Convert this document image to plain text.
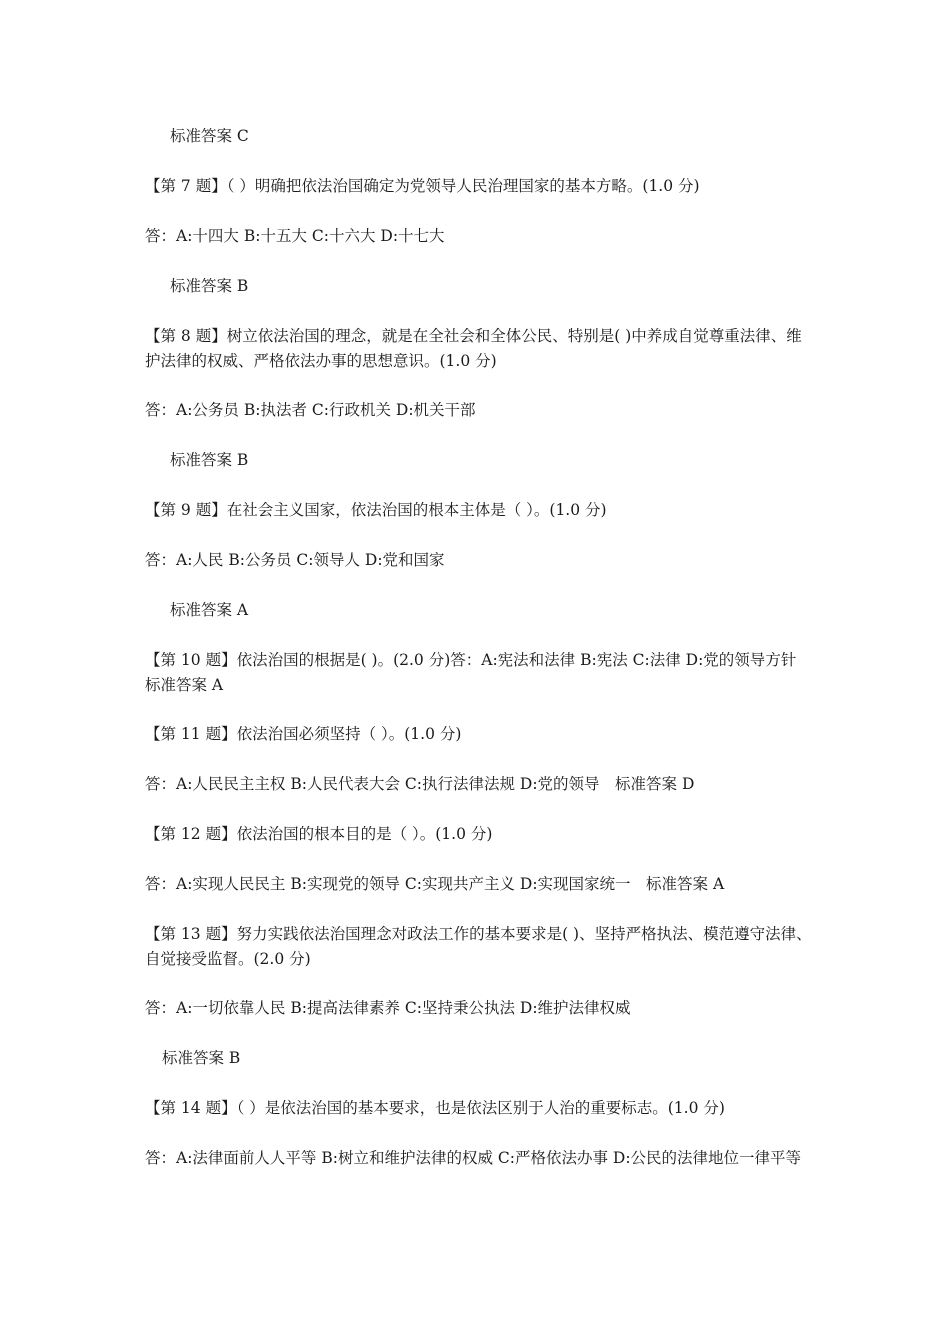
标准答案 C
【第 7 题】（ ）明确把依法治国确定为党领导人民治理国家的基本方略。(1.0 分)
答：A:十四大 B:十五大 C:十六大 D:十七大
标准答案 B
【第 8 题】树立依法治国的理念，就是在全社会和全体公民、特别是( )中养成自觉尊重法律、维护法律的权威、严格依法办事的思想意识。(1.0 分)
答：A:公务员 B:执法者 C:行政机关 D:机关干部
标准答案 B
【第 9 题】在社会主义国家，依法治国的根本主体是（ ）。(1.0 分)
答：A:人民 B:公务员 C:领导人 D:党和国家
标准答案 A
【第 10 题】依法治国的根据是( )。(2.0 分)答：A:宪法和法律 B:宪法 C:法律 D:党的领导方针 标准答案 A
【第 11 题】依法治国必须坚持（ ）。(1.0 分)
答：A:人民民主主权 B:人民代表大会 C:执行法律法规 D:党的领导　标准答案 D
【第 12 题】依法治国的根本目的是（ ）。(1.0 分)
答：A:实现人民民主 B:实现党的领导 C:实现共产主义 D:实现国家统一　标准答案 A
【第 13 题】努力实践依法治国理念对政法工作的基本要求是( )、坚持严格执法、模范遵守法律、自觉接受监督。(2.0 分)
答：A:一切依靠人民 B:提高法律素养 C:坚持秉公执法 D:维护法律权威
标准答案 B
【第 14 题】（ ）是依法治国的基本要求，也是依法区别于人治的重要标志。(1.0 分)
答：A:法律面前人人平等 B:树立和维护法律的权威 C:严格依法办事 D:公民的法律地位一律平等
